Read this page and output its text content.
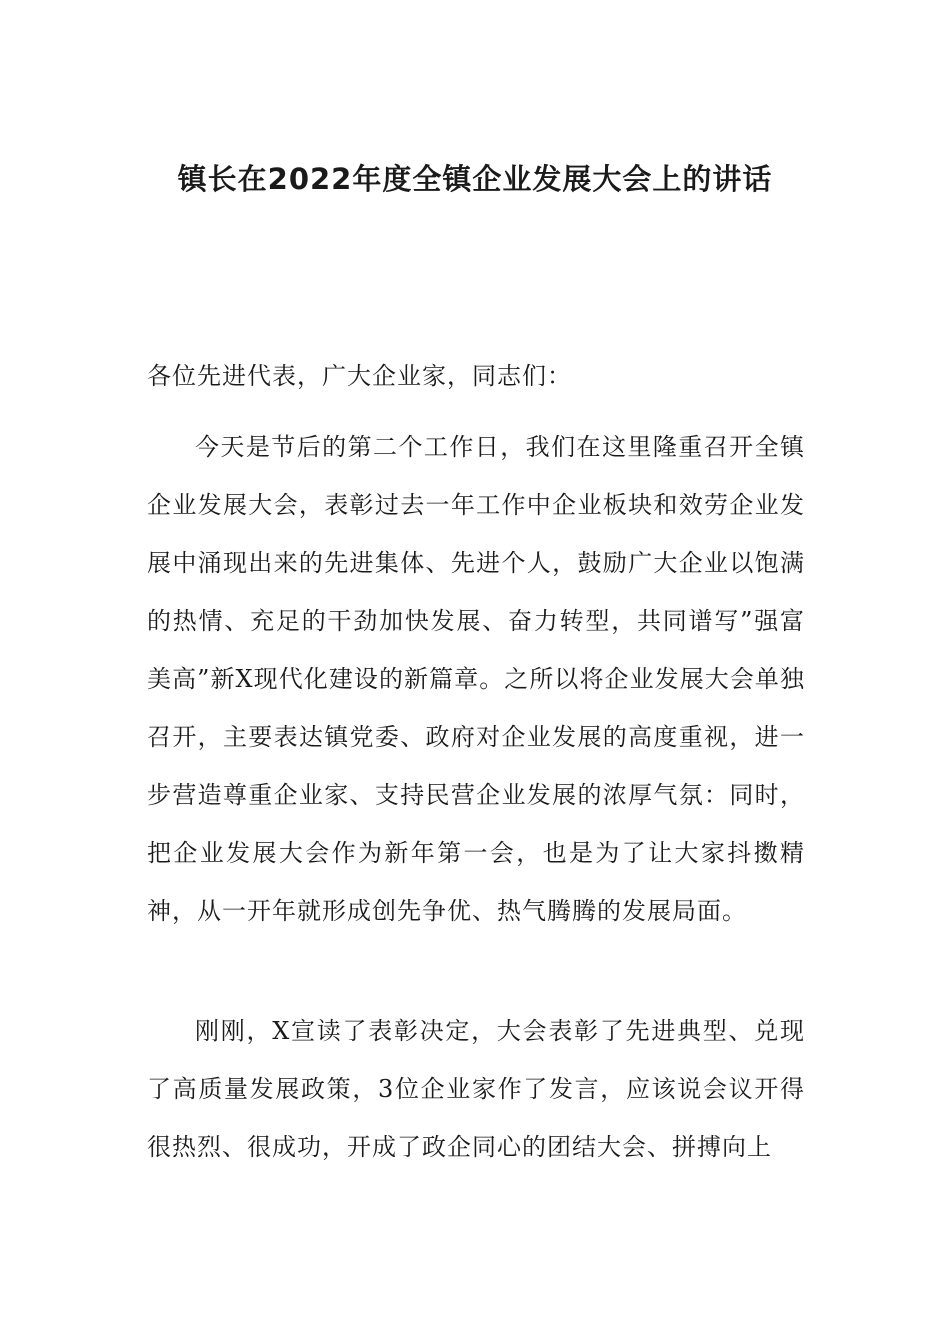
镇长在2022年度全镇企业发展大会上的讲话

各位先进代表，广大企业家，同志们：

今天是节后的第二个工作日，我们在这里隆重召开全镇企业发展大会，表彰过去一年工作中企业板块和效劳企业发展中涌现出来的先进集体、先进个人，鼓励广大企业以饱满的热情、充足的干劲加快发展、奋力转型，共同谱写”强富美高”新X现代化建设的新篇章。之所以将企业发展大会单独召开，主要表达镇党委、政府对企业发展的高度重视，进一步营造尊重企业家、支持民营企业发展的浓厚气氛：同时，把企业发展大会作为新年第一会，也是为了让大家抖擞精神，从一开年就形成创先争优、热气腾腾的发展局面。

刚刚，X宣读了表彰决定，大会表彰了先进典型、兑现了高质量发展政策，3位企业家作了发言，应该说会议开得很热烈、很成功，开成了政企同心的团结大会、拼搏向上
